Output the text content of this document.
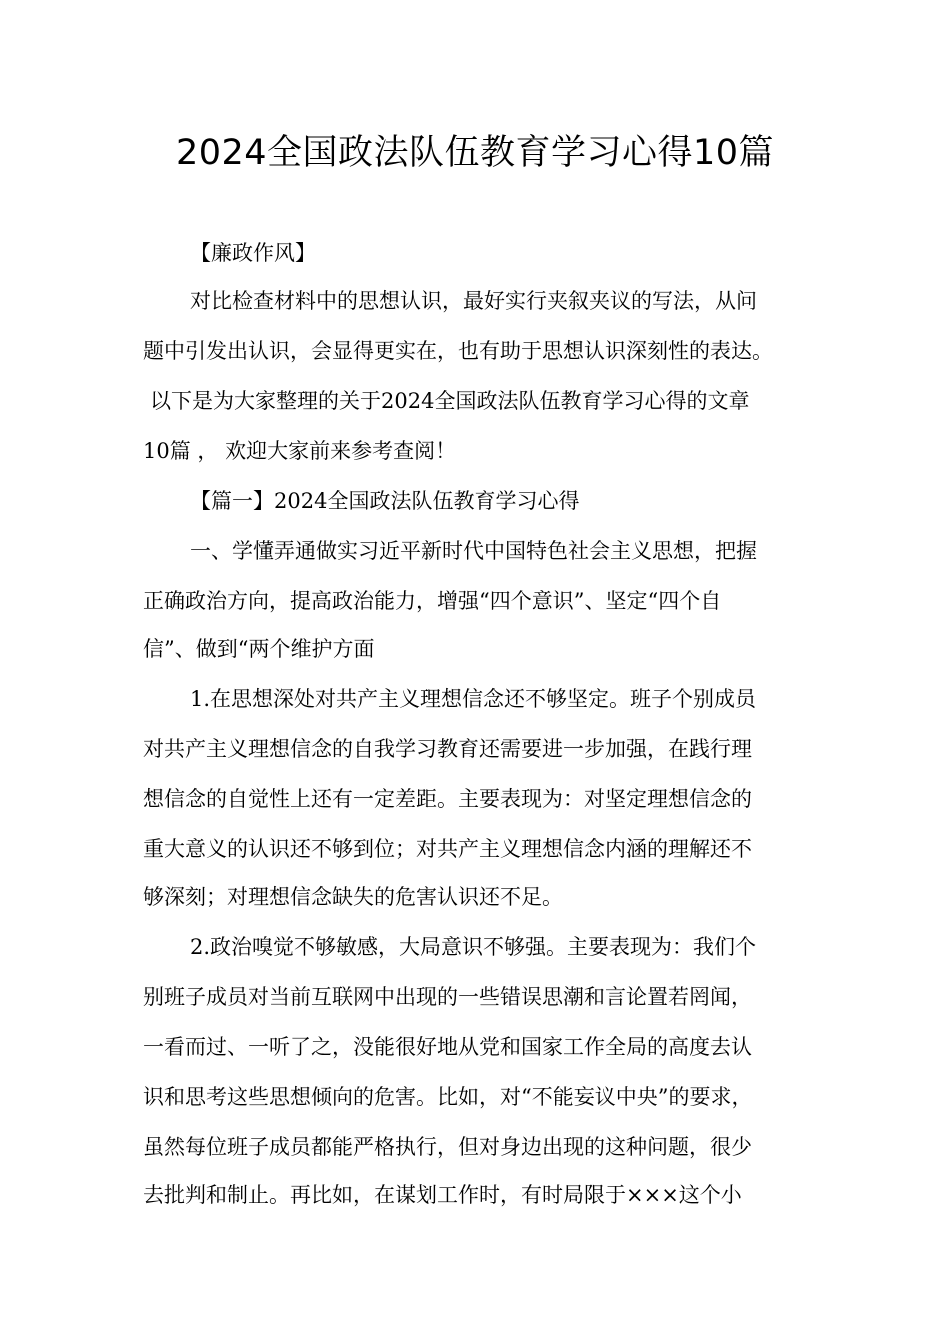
2024全国政法队伍教育学习心得10篇
【廉政作风】
对比检查材料中的思想认识，最好实行夹叙夹议的写法，从问
题中引发出认识，会显得更实在，也有助于思想认识深刻性的表达。
以下是为大家整理的关于2024全国政法队伍教育学习心得的文章
10篇 ， 欢迎大家前来参考查阅！
【篇一】2024全国政法队伍教育学习心得
一、学懂弄通做实习近平新时代中国特色社会主义思想，把握
正确政治方向，提高政治能力，增强“四个意识”、坚定“四个自
信”、做到“两个维护方面
1.在思想深处对共产主义理想信念还不够坚定。班子个别成员
对共产主义理想信念的自我学习教育还需要进一步加强，在践行理
想信念的自觉性上还有一定差距。主要表现为：对坚定理想信念的
重大意义的认识还不够到位；对共产主义理想信念内涵的理解还不
够深刻；对理想信念缺失的危害认识还不足。
2.政治嗅觉不够敏感，大局意识不够强。主要表现为：我们个
别班子成员对当前互联网中出现的一些错误思潮和言论置若罔闻，
一看而过、一听了之，没能很好地从党和国家工作全局的高度去认
识和思考这些思想倾向的危害。比如，对“不能妄议中央”的要求，
虽然每位班子成员都能严格执行，但对身边出现的这种问题，很少
去批判和制止。再比如，在谋划工作时，有时局限于×××这个小
